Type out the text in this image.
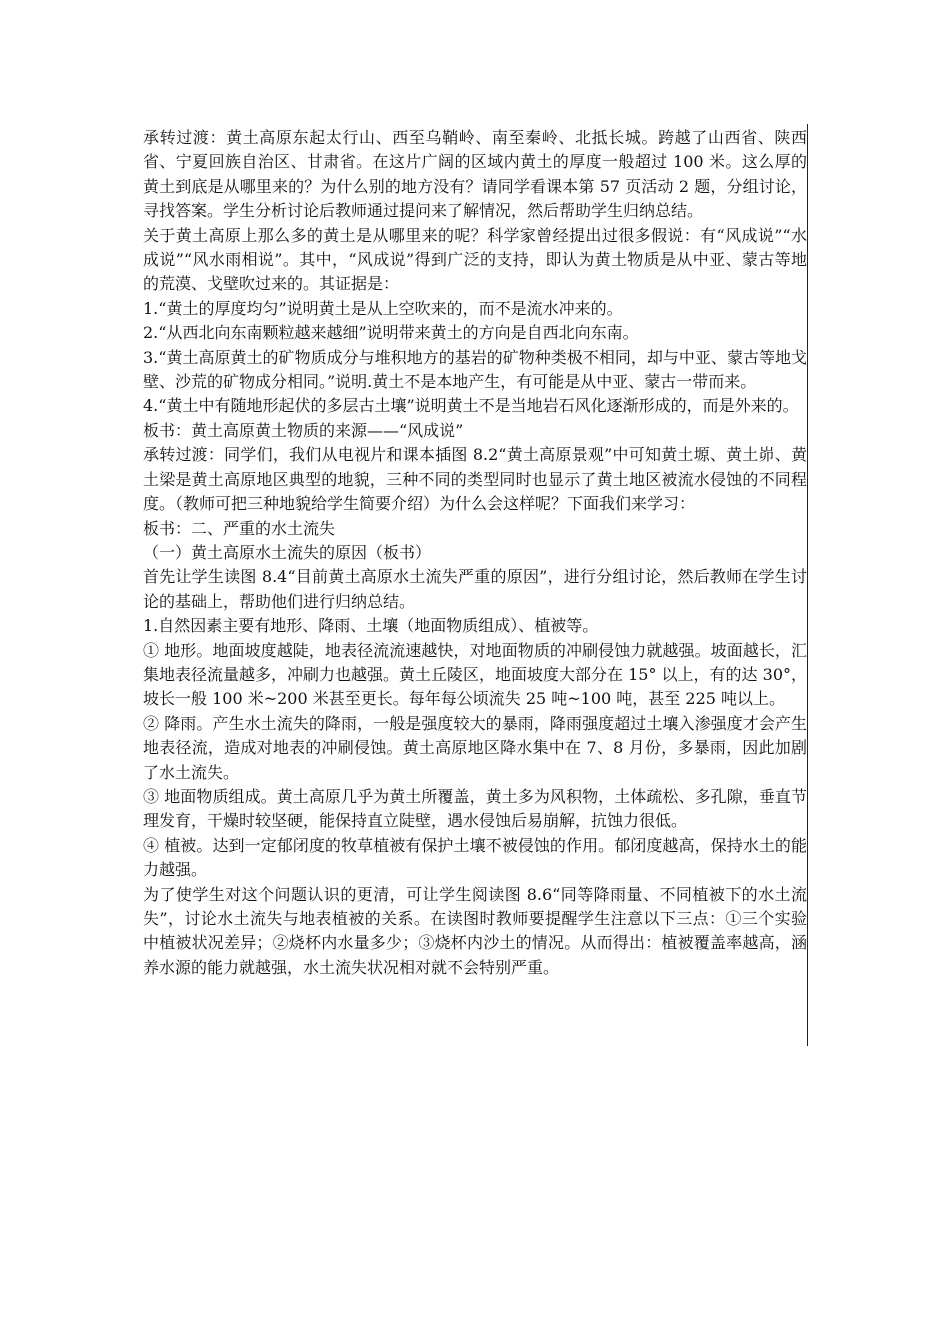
承转过渡：黄土高原东起太行山、西至乌鞘岭、南至秦岭、北抵长城。跨越了山西省、陕西省、宁夏回族自治区、甘肃省。在这片广阔的区域内黄土的厚度一般超过 100 米。这么厚的黄土到底是从哪里来的？为什么别的地方没有？请同学看课本第 57 页活动 2 题，分组讨论，寻找答案。学生分析讨论后教师通过提问来了解情况，然后帮助学生归纳总结。

关于黄土高原上那么多的黄土是从哪里来的呢？科学家曾经提出过很多假说：有“风成说”“水成说”“风水雨相说”。其中，“风成说”得到广泛的支持，即认为黄土物质是从中亚、蒙古等地的荒漠、戈壁吹过来的。其证据是：

1.“黄土的厚度均匀”说明黄土是从上空吹来的，而不是流水冲来的。

2.“从西北向东南颗粒越来越细”说明带来黄土的方向是自西北向东南。

3.“黄土高原黄土的矿物质成分与堆积地方的基岩的矿物种类极不相同，却与中亚、蒙古等地戈壁、沙荒的矿物成分相同。”说明.黄土不是本地产生，有可能是从中亚、蒙古一带而来。

4.“黄土中有随地形起伏的多层古土壤”说明黄土不是当地岩石风化逐渐形成的，而是外来的。

板书：黄土高原黄土物质的来源——“风成说”

承转过渡：同学们，我们从电视片和课本插图 8.2“黄土高原景观”中可知黄土塬、黄土峁、黄土梁是黄土高原地区典型的地貌，三种不同的类型同时也显示了黄土地区被流水侵蚀的不同程度。（教师可把三种地貌给学生简要介绍）为什么会这样呢？下面我们来学习：

板书：二、严重的水土流失

（一）黄土高原水土流失的原因（板书）

首先让学生读图 8.4“目前黄土高原水土流失严重的原因”，进行分组讨论，然后教师在学生讨论的基础上，帮助他们进行归纳总结。

1.自然因素主要有地形、降雨、土壤（地面物质组成）、植被等。

① 地形。地面坡度越陡，地表径流流速越快，对地面物质的冲刷侵蚀力就越强。坡面越长，汇集地表径流量越多，冲刷力也越强。黄土丘陵区，地面坡度大部分在 15° 以上，有的达 30°，坡长一般 100 米~200 米甚至更长。每年每公顷流失 25 吨~100 吨，甚至 225 吨以上。

② 降雨。产生水土流失的降雨，一般是强度较大的暴雨，降雨强度超过土壤入渗强度才会产生地表径流，造成对地表的冲刷侵蚀。黄土高原地区降水集中在 7、8 月份，多暴雨，因此加剧了水土流失。

③ 地面物质组成。黄土高原几乎为黄土所覆盖，黄土多为风积物，土体疏松、多孔隙，垂直节理发育，干燥时较坚硬，能保持直立陡壁，遇水侵蚀后易崩解，抗蚀力很低。

④ 植被。达到一定郁闭度的牧草植被有保护土壤不被侵蚀的作用。郁闭度越高，保持水土的能力越强。

为了使学生对这个问题认识的更清，可让学生阅读图 8.6“同等降雨量、不同植被下的水土流失”，讨论水土流失与地表植被的关系。在读图时教师要提醒学生注意以下三点：①三个实验中植被状况差异；②烧杯内水量多少；③烧杯内沙土的情况。从而得出：植被覆盖率越高，涵养水源的能力就越强，水土流失状况相对就不会特别严重。
